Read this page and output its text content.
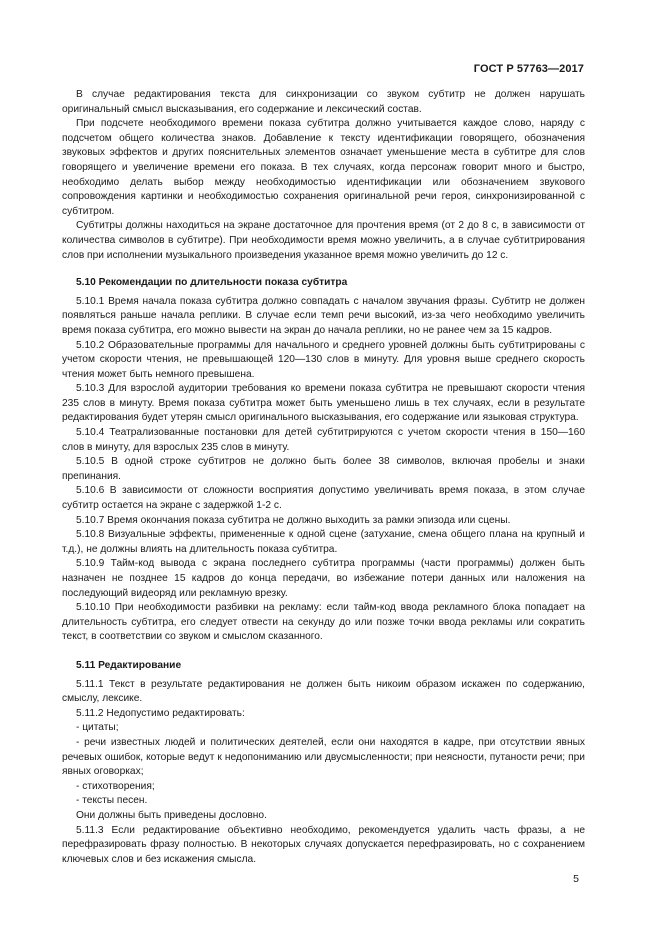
ГОСТ Р 57763—2017

В случае редактирования текста для синхронизации со звуком субтитр не должен нарушать оригинальный смысл высказывания, его содержание и лексический состав.

При подсчете необходимого времени показа субтитра должно учитывается каждое слово, наряду с подсчетом общего количества знаков. Добавление к тексту идентификации говорящего, обозначения звуковых эффектов и других пояснительных элементов означает уменьшение места в субтитре для слов говорящего и увеличение времени его показа. В тех случаях, когда персонаж говорит много и быстро, необходимо делать выбор между необходимостью идентификации или обозначением звукового сопровождения картинки и необходимостью сохранения оригинальной речи героя, синхронизированной с субтитром.

Субтитры должны находиться на экране достаточное для прочтения время (от 2 до 8 с, в зависимости от количества символов в субтитре). При необходимости время можно увеличить, а в случае субтитрирования слов при исполнении музыкального произведения указанное время можно увеличить до 12 с.

5.10 Рекомендации по длительности показа субтитра

5.10.1 Время начала показа субтитра должно совпадать с началом звучания фразы. Субтитр не должен появляться раньше начала реплики. В случае если темп речи высокий, из-за чего необходимо увеличить время показа субтитра, его можно вывести на экран до начала реплики, но не ранее чем за 15 кадров.

5.10.2 Образовательные программы для начального и среднего уровней должны быть субтитрированы с учетом скорости чтения, не превышающей 120—130 слов в минуту. Для уровня выше среднего скорость чтения может быть немного превышена.

5.10.3 Для взрослой аудитории требования ко времени показа субтитра не превышают скорости чтения 235 слов в минуту. Время показа субтитра может быть уменьшено лишь в тех случаях, если в результате редактирования будет утерян смысл оригинального высказывания, его содержание или языковая структура.

5.10.4 Театрализованные постановки для детей субтитрируются с учетом скорости чтения в 150—160 слов в минуту, для взрослых 235 слов в минуту.

5.10.5 В одной строке субтитров не должно быть более 38 символов, включая пробелы и знаки препинания.

5.10.6 В зависимости от сложности восприятия допустимо увеличивать время показа, в этом случае субтитр остается на экране с задержкой 1-2 с.

5.10.7 Время окончания показа субтитра не должно выходить за рамки эпизода или сцены.

5.10.8 Визуальные эффекты, примененные к одной сцене (затухание, смена общего плана на крупный и т.д.), не должны влиять на длительность показа субтитра.

5.10.9 Тайм-код вывода с экрана последнего субтитра программы (части программы) должен быть назначен не позднее 15 кадров до конца передачи, во избежание потери данных или наложения на последующий видеоряд или рекламную врезку.

5.10.10 При необходимости разбивки на рекламу: если тайм-код ввода рекламного блока попадает на длительность субтитра, его следует отвести на секунду до или позже точки ввода рекламы или сократить текст, в соответствии со звуком и смыслом сказанного.

5.11 Редактирование

5.11.1 Текст в результате редактирования не должен быть никоим образом искажен по содержанию, смыслу, лексике.

5.11.2 Недопустимо редактировать:

- цитаты;

- речи известных людей и политических деятелей, если они находятся в кадре, при отсутствии явных речевых ошибок, которые ведут к недопониманию или двусмысленности; при неясности, путаности речи; при явных оговорках;

- стихотворения;

- тексты песен.

Они должны быть приведены дословно.

5.11.3 Если редактирование объективно необходимо, рекомендуется удалить часть фразы, а не перефразировать фразу полностью. В некоторых случаях допускается перефразировать, но с сохранением ключевых слов и без искажения смысла.

5
